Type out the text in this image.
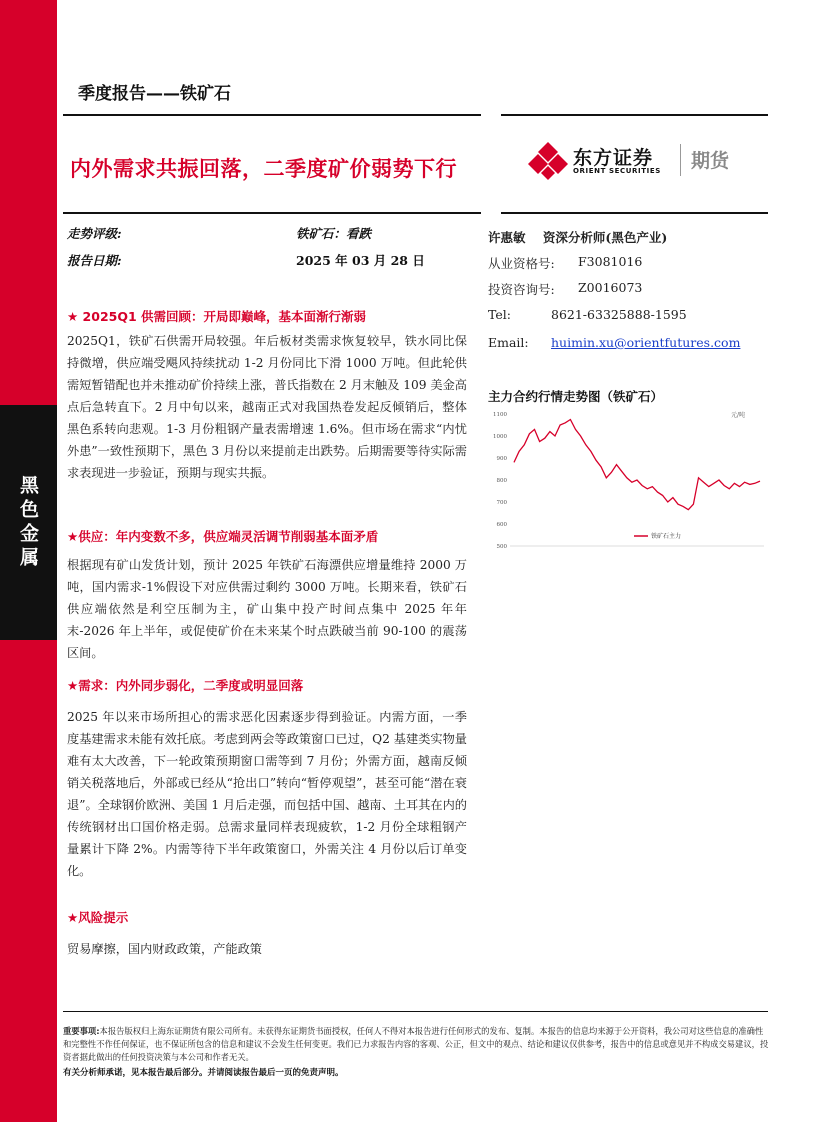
黑色金属
季度报告——铁矿石
内外需求共振回落，二季度矿价弱势下行	东方证券
ORIENT SECURITIES 期货
走势评级:	铁矿石：看跌
报告日期:	2025 年 03 月 28 日
许惠敏    资深分析师(黑色产业)
从业资格号: F3081016
投资咨询号: Z0016073
Tel:	8621-63325888-1595
Email: huimin.xu@orientfutures.com
主力合约行情走势图（铁矿石）
元/吨
1100
1000
900
800
700
600
500
铁矿石主力
★ 2025Q1 供需回顾：开局即巅峰，基本面渐行渐弱

2025Q1，铁矿石供需开局较强。年后板材类需求恢复较早，铁水同比保持微增，供应端受飓风持续扰动 1-2 月份同比下滑 1000 万吨。但此轮供需短暂错配也并未推动矿价持续上涨，普氏指数在 2 月末触及 109 美金高点后急转直下。2 月中旬以来，越南正式对我国热卷发起反倾销后，整体黑色系转向悲观。1-3 月份粗钢产量表需增速 1.6%。但市场在需求“内忧外患”一致性预期下，黑色 3 月份以来提前走出跌势。后期需要等待实际需求表现进一步验证，预期与现实共振。

★供应：年内变数不多，供应端灵活调节削弱基本面矛盾

根据现有矿山发货计划，预计 2025 年铁矿石海漂供应增量维持 2000 万吨，国内需求-1%假设下对应供需过剩约 3000 万吨。长期来看，铁矿石供应端依然是利空压制为主，矿山集中投产时间点集中 2025 年年末-2026 年上半年，或促使矿价在未来某个时点跌破当前 90-100 的震荡区间。

★需求：内外同步弱化，二季度或明显回落

2025 年以来市场所担心的需求恶化因素逐步得到验证。内需方面，一季度基建需求未能有效托底。考虑到两会等政策窗口已过，Q2 基建类实物量难有太大改善，下一轮政策预期窗口需等到 7 月份；外需方面，越南反倾销关税落地后，外部或已经从“抢出口”转向“暂停观望”，甚至可能“潜在衰退”。全球钢价欧洲、美国 1 月后走强，而包括中国、越南、土耳其在内的传统钢材出口国价格走弱。总需求量同样表现疲软，1-2 月份全球粗钢产量累计下降 2%。内需等待下半年政策窗口，外需关注 4 月份以后订单变化。

★风险提示

贸易摩擦，国内财政政策，产能政策

重要事项:本报告版权归上海东证期货有限公司所有。未获得东证期货书面授权，任何人不得对本报告进行任何形式的发布、复制。本报告的信息均来源于公开资料，我公司对这些信息的准确性和完整性不作任何保证，也不保证所包含的信息和建议不会发生任何变更。我们已力求报告内容的客观、公正，但文中的观点、结论和建议仅供参考，报告中的信息或意见并不构成交易建议，投资者据此做出的任何投资决策与本公司和作者无关。

有关分析师承诺，见本报告最后部分。并请阅读报告最后一页的免责声明。
